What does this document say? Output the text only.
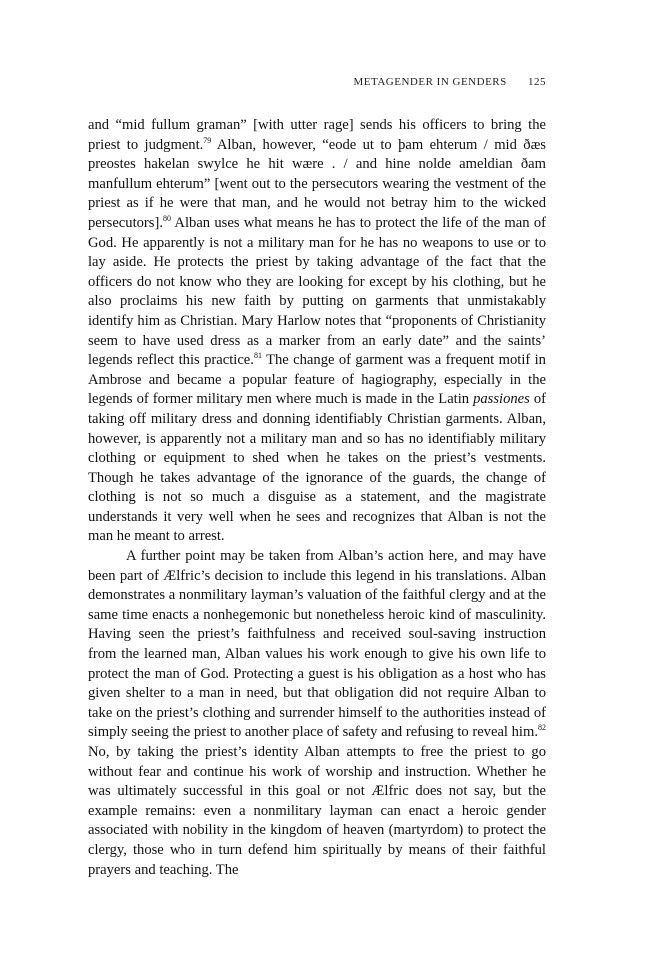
METAGENDER IN GENDERS 125

and “mid fullum graman” [with utter rage] sends his officers to bring the priest to judgment.$^{79}$ Alban, however, “eode ut to þam ehterum / mid ðæs preostes hakelan swylce he hit wære . / and hine nolde ameldian ðam manfullum ehterum” [went out to the persecutors wearing the vestment of the priest as if he were that man, and he would not betray him to the wicked persecutors].$^{80}$ Alban uses what means he has to protect the life of the man of God. He apparently is not a military man for he has no weapons to use or to lay aside. He protects the priest by taking advantage of the fact that the officers do not know who they are looking for except by his clothing, but he also proclaims his new faith by putting on garments that unmistakably identify him as Christian. Mary Harlow notes that “proponents of Christianity seem to have used dress as a marker from an early date” and the saints’ legends reflect this practice.$^{81}$ The change of garment was a frequent motif in Ambrose and became a popular feature of hagiography, especially in the legends of former military men where much is made in the Latin passiones of taking off military dress and donning identifiably Christian garments. Alban, however, is apparently not a military man and so has no identifiably military clothing or equipment to shed when he takes on the priest’s vestments. Though he takes advantage of the ignorance of the guards, the change of clothing is not so much a disguise as a statement, and the magistrate understands it very well when he sees and recognizes that Alban is not the man he meant to arrest.

A further point may be taken from Alban’s action here, and may have been part of Ælfric’s decision to include this legend in his translations. Alban demonstrates a nonmilitary layman’s valuation of the faithful clergy and at the same time enacts a nonhegemonic but nonetheless heroic kind of masculinity. Having seen the priest’s faithfulness and received soul-saving instruction from the learned man, Alban values his work enough to give his own life to protect the man of God. Protecting a guest is his obligation as a host who has given shelter to a man in need, but that obligation did not require Alban to take on the priest’s clothing and surrender himself to the authorities instead of simply seeing the priest to another place of safety and refusing to reveal him.$^{82}$ No, by taking the priest’s identity Alban attempts to free the priest to go without fear and continue his work of worship and instruction. Whether he was ultimately successful in this goal or not Ælfric does not say, but the example remains: even a nonmilitary layman can enact a heroic gender associated with nobility in the kingdom of heaven (martyrdom) to protect the clergy, those who in turn defend him spiritually by means of their faithful prayers and teaching. The
